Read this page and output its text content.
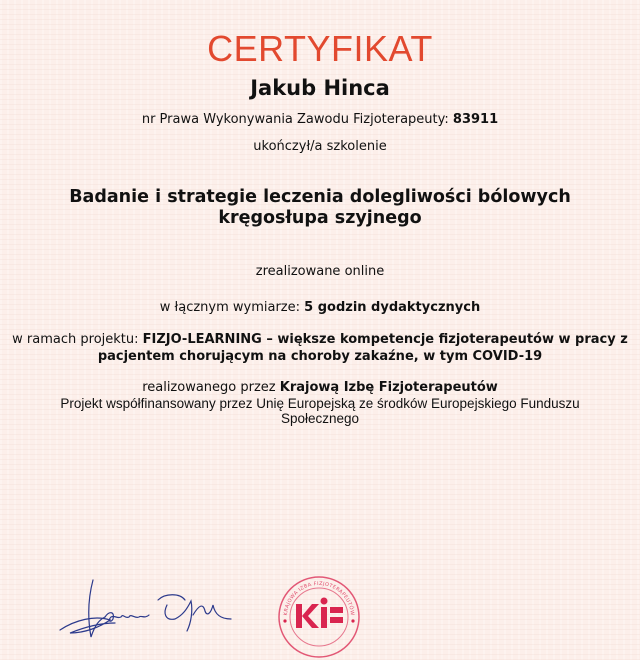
CERTYFIKAT
Jakub Hinca
nr Prawa Wykonywania Zawodu Fizjoterapeuty: 83911
ukończył/a szkolenie
Badanie i strategie leczenia dolegliwości bólowych kręgosłupa szyjnego
zrealizowane online
w łącznym wymiarze: 5 godzin dydaktycznych
w ramach projektu: FIZJO-LEARNING – większe kompetencje fizjoterapeutów w pracy z pacjentem chorującym na choroby zakaźne, w tym COVID-19
realizowanego przez Krajową Izbę Fizjoterapeutów
Projekt współfinansowany przez Unię Europejską ze środków Europejskiego Funduszu Społecznego
KRAJOWA IZBA FIZJOTERAPEUTÓW
